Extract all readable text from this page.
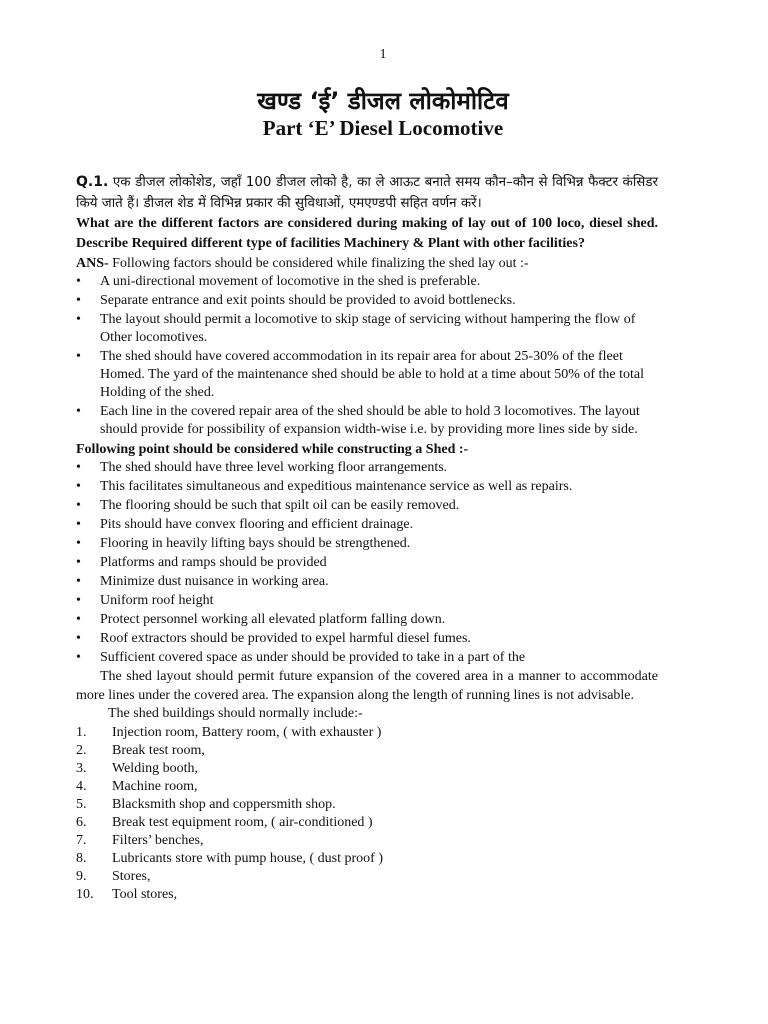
1
खण्ड ‘ई’ डीजल लोकोमोटिव
Part ‘E’ Diesel Locomotive

Q.1. एक डीजल लोकोशेड, जहाँ 100 डीजल लोको है, का ले आऊट बनाते समय कौन–कौन से विभिन्न फैक्टर कंसिडर किये जाते हैं। डीजल शेड में विभिन्न प्रकार की सुविधाओं, एमएण्डपी सहित वर्णन करें।

What are the different factors are considered during making of lay out of 100 loco, diesel shed. Describe Required different type of facilities Machinery & Plant with other facilities?

ANS- Following factors should be considered while finalizing the shed lay out :-

• A uni-directional movement of locomotive in the shed is preferable.
• Separate entrance and exit points should be provided to avoid bottlenecks.
• The layout should permit a locomotive to skip stage of servicing without hampering the flow of Other locomotives.
• The shed should have covered accommodation in its repair area for about 25-30% of the fleet Homed. The yard of the maintenance shed should be able to hold at a time about 50% of the total Holding of the shed.
• Each line in the covered repair area of the shed should be able to hold 3 locomotives. The layout should provide for possibility of expansion width-wise i.e. by providing more lines side by side.

Following point should be considered while constructing a Shed :-

• The shed should have three level working floor arrangements.
• This facilitates simultaneous and expeditious maintenance service as well as repairs.
• The flooring should be such that spilt oil can be easily removed.
• Pits should have convex flooring and efficient drainage.
• Flooring in heavily lifting bays should be strengthened.
• Platforms and ramps should be provided
• Minimize dust nuisance in working area.
• Uniform roof height
• Protect personnel working all elevated platform falling down.
• Roof extractors should be provided to expel harmful diesel fumes.
• Sufficient covered space as under should be provided to take in a part of the

The shed layout should permit future expansion of the covered area in a manner to accommodate more lines under the covered area. The expansion along the length of running lines is not advisable.

The shed buildings should normally include:-

1. Injection room, Battery room, ( with exhauster )
2. Break test room,
3. Welding booth,
4. Machine room,
5. Blacksmith shop and coppersmith shop.
6. Break test equipment room, ( air-conditioned )
7. Filters’ benches,
8. Lubricants store with pump house, ( dust proof )
9. Stores,
10. Tool stores,
